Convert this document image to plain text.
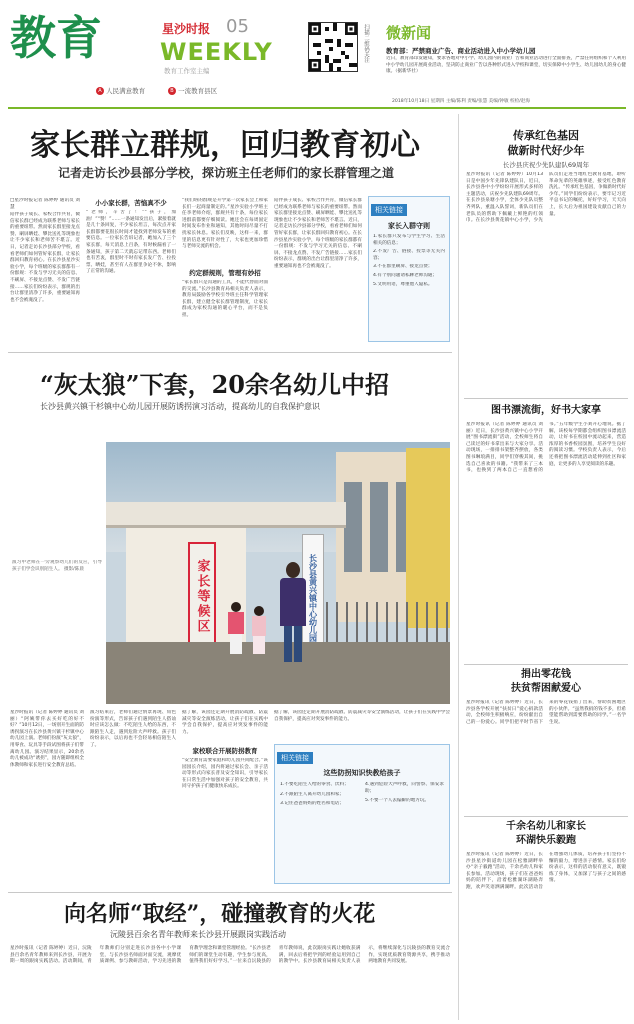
教育	星沙时报 05
WEEKLY
教育工作室主编
A 人民满意教育	B 一流教育县区
扫描二维码关注 微新闻
教育部：严禁商业广告、商业活动进入中小学幼儿园
近日，教育部印发通知，要求各地对中小学、幼儿园内的商业广告和商业活动进行全面排查，严禁任何组织和个人利用中小学幼儿园开展商业活动，坚决防止商业广告以各种形式进入学校和课堂，切实保障中小学生、幼儿园幼儿的身心健康。（据新华社）
2018年10月18日 星期四 主编/陈利 责编/张慧 美编/钟敏 校检/赵海
家长群立群规，回归教育初心
记者走访长沙县部分学校，探访班主任老师们的家长群管理之道
□星沙时报记者 陈婷婷 通讯员 刘慧
陪伴孩子成长、家校合作共育，微信家长群已经成为联系老师与家长的重要纽带。然而家长群里接龙点赞、刷屏晒娃、攀比送礼等现象也让不少家长和老师苦不堪言。近日，记者走访长沙县部分学校，看看老师们如何管好家长群，让家长群回归教育初心。在长沙县星沙实验小学，每个班级的家长群都有一份群规：不发与学习无关的信息、不刷屏、不接龙点赞、不发广告链接……家长们纷纷表示，群规的出台让群里清净了许多，重要通知再也不会被淹没了。
小小家长群，苦恼真不少
“老师，辛苦了！”“孩子，加油！”“赞！”……一条通知发出后，紧接着就是几十条回复，不少家长坦言，每次点开家长群都要花很长时间才能找到老师发布的重要信息。一位家长告诉记者，她加入了三个家长群，每天消息上百条，有时候漏看了一条通知，孩子第二天就忘记带东西。老师们也有苦衷，群里时不时有家长发广告、拉投票、晒娃，甚至有人在群里争论不休，影响了正常的沟通。	约定群规则，管理有妙招
“我们班的群规是开学第一次家长会上和家长们一起商量制定的。”星沙实验小学班主任李老师介绍，群规共有十条，每位家长进群前都要仔细阅读。她还会在每周固定时间发布作业和通知，其他时间尽量不打扰家长休息。家长们反映，这样一来，群里的信息更有针对性了，大家也更加珍惜与老师交流的机会。
“家长群只是沟通的工具，不能代替面对面的交流。”长沙县教育局相关负责人表示，教育局鼓励各学校引导班主任科学管理家长群，建立健全家长群管理制度，让家长群成为家校沟通的暖心平台，而不是负担。
陪伴孩子成长、家校合作共育，微信家长群已经成为联系老师与家长的重要纽带。然而家长群里接龙点赞、刷屏晒娃、攀比送礼等现象也让不少家长和老师苦不堪言。近日，记者走访长沙县部分学校，看看老师们如何管好家长群，让家长群回归教育初心。在长沙县星沙实验小学，每个班级的家长群都有一份群规：不发与学习无关的信息、不刷屏、不接龙点赞、不发广告链接……家长们纷纷表示，群规的出台让群里清净了许多，重要通知再也不会被淹没了。
相关链接
家长入群守则
1.家长群只发布与学生学习、生活相关的信息；
2.不发广告、链接、投票等无关内容；
3.不在群里刷屏、接龙点赞；
4.有个别问题请私聊老师沟通；
5.文明用语，尊重他人隐私。
“灰太狼”下套，20余名幼儿中招
长沙县黄兴镇干杉镇中心幼儿园开展防诱拐演习活动，提高幼儿的自我保护意识
演习中老师在一旁观察幼儿们的反应，引导孩子们学会识别陌生人。 摄影/陈晨	家长等候区	长沙县黄兴镇中心幼儿园
星沙时报讯（记者 陈婷婷 通讯员 刘丽）“阿姨带你去买好吃的好不好？”10月12日，一场别开生面的防诱拐演习在长沙县黄兴镇干杉镇中心幼儿园上演。老师们扮演“灰太狼”，用零食、玩具等手段试图将孩子们带离幼儿园。演习结果显示，20余名幼儿被成功“诱拐”，园方随即组织全体教师和家长进行安全教育总结。
演习结束后，老师们通过情景再现、角色扮演等形式，告诉孩子们遇到陌生人搭讪时应该怎么做：不吃陌生人给的东西，不跟陌生人走，遇到危险大声呼救。孩子们纷纷表示，以后再也不会轻易相信陌生人了。
家校联合开展防拐教育
“安全教育需要家庭和幼儿园共同配合。”该园园长介绍，园内将通过家长会、亲子活动等形式向家长普及安全知识，引导家长在日常生活中加强对孩子的安全教育，共同守护孩子们健康快乐成长。
据了解，该园还定期开展消防疏散、防震减灾等安全演练活动，让孩子们在实践中学会自我保护，提高应对突发事件的能力。
据了解，该园还定期开展消防疏散、防震减灾等安全演练活动，让孩子们在实践中学会自我保护，提高应对突发事件的能力。
相关链接
这些防拐知识快教给孩子
1.不要吃陌生人给的零食、饮料；
2.不跟陌生人离开幼儿园和家；
3.记住爸爸妈妈的姓名和电话；
4.遇到危险大声呼救，向警察、保安求助；
5.不要一个人去偏僻的地方玩。
向名师“取经”，碰撞教育的火花
沅陵县百余名青年教师来长沙县开展跟岗实践活动
星沙时报讯（记者 陈婷婷）近日，沅陵县百余名青年教师来到长沙县，开展为期一周的跟岗实践活动。活动期间，青年教师们分别走进长沙县各中小学课堂，与长沙县名师面对面交流，观摩优质课例、参与教研活动，学习先进的教育教学理念和课堂管理经验。“长沙县老师们的课堂生动有趣，学生参与度高，值得我们好好学习。”一位来自沅陵县的青年教师说，此次跟岗实践让她收获满满，回去后将把学到的经验运用到自己的教学中。长沙县教育局相关负责人表示，将继续深化与沅陵县的教育交流合作，实现优质教育资源共享，携手推动两地教育共同发展。
传承红色基因
做新时代好少年
长沙县庆祝少先队建队69周年
星沙时报讯（记者 陈婷婷）10月13日是中国少年先锋队建队日，近日，长沙县各中小学纷纷开展形式多样的主题活动，庆祝少先队建队69周年。在长沙县泉塘小学，全体少先队员整齐列队，重温入队誓词，新队员们在老队员的帮助下佩戴上鲜艳的红领巾。在长沙县黄花镇中心小学，少先队员们走进当地红色教育基地，聆听革命先辈的英雄事迹，接受红色教育洗礼。“传承红色基因，争做新时代好少年。”同学们纷纷表示，要牢记习近平总书记的嘱托，好好学习，天天向上，长大后为祖国建设贡献自己的力量。
图书漂流街，好书大家享
星沙时报讯（记者 陈婷婷 通讯员 刘丽）近日，长沙县黄兴镇中心小学开展“图书漂流街”活动，全校师生将自己读过的好书拿出来与大家分享。活动现场，一排排书架整齐摆放，各类图书琳琅满目，同学们穿梭其间，挑选自己喜欢的书籍。“我带来了三本书，也换到了两本自己一直想看的书。”五年级学生小刘开心地说。据了解，该校每学期都会组织图书漂流活动，让好书在校园中流动起来，营造浓厚的书香校园氛围，培养学生良好的阅读习惯。学校负责人表示，今后还将把图书漂流活动延伸到社区和家庭，让更多的人享受阅读的乐趣。
捐出零花钱
扶贫帮困献爱心
星沙时报讯（记者 陈婷婷）近日，长沙县各学校开展“扶贫日”爱心捐款活动，全校师生积极响应，纷纷献出自己的一份爱心。同学们把平时节省下来的零花钱捐了出来，帮助贫困地区的小伙伴。“虽然我捐的钱不多，但希望能帮助到需要帮助的同学。”一名学生说。
千余名幼儿和家长
环湖快乐毅跑
星沙时报讯（记者 陈婷婷）近日，长沙县星沙街道幼儿园在松雅湖畔举办“亲子毅跑”活动，千余名幼儿和家长参加。活动现场，孩子们在爸爸妈妈的陪伴下，沿着松雅湖环湖路奔跑，欢声笑语洒满湖畔。此次活动旨在增强幼儿体质，培养孩子们坚持不懈的毅力，增进亲子感情。家长们纷纷表示，这样的活动很有意义，既锻炼了身体，又加深了与孩子之间的感情。
